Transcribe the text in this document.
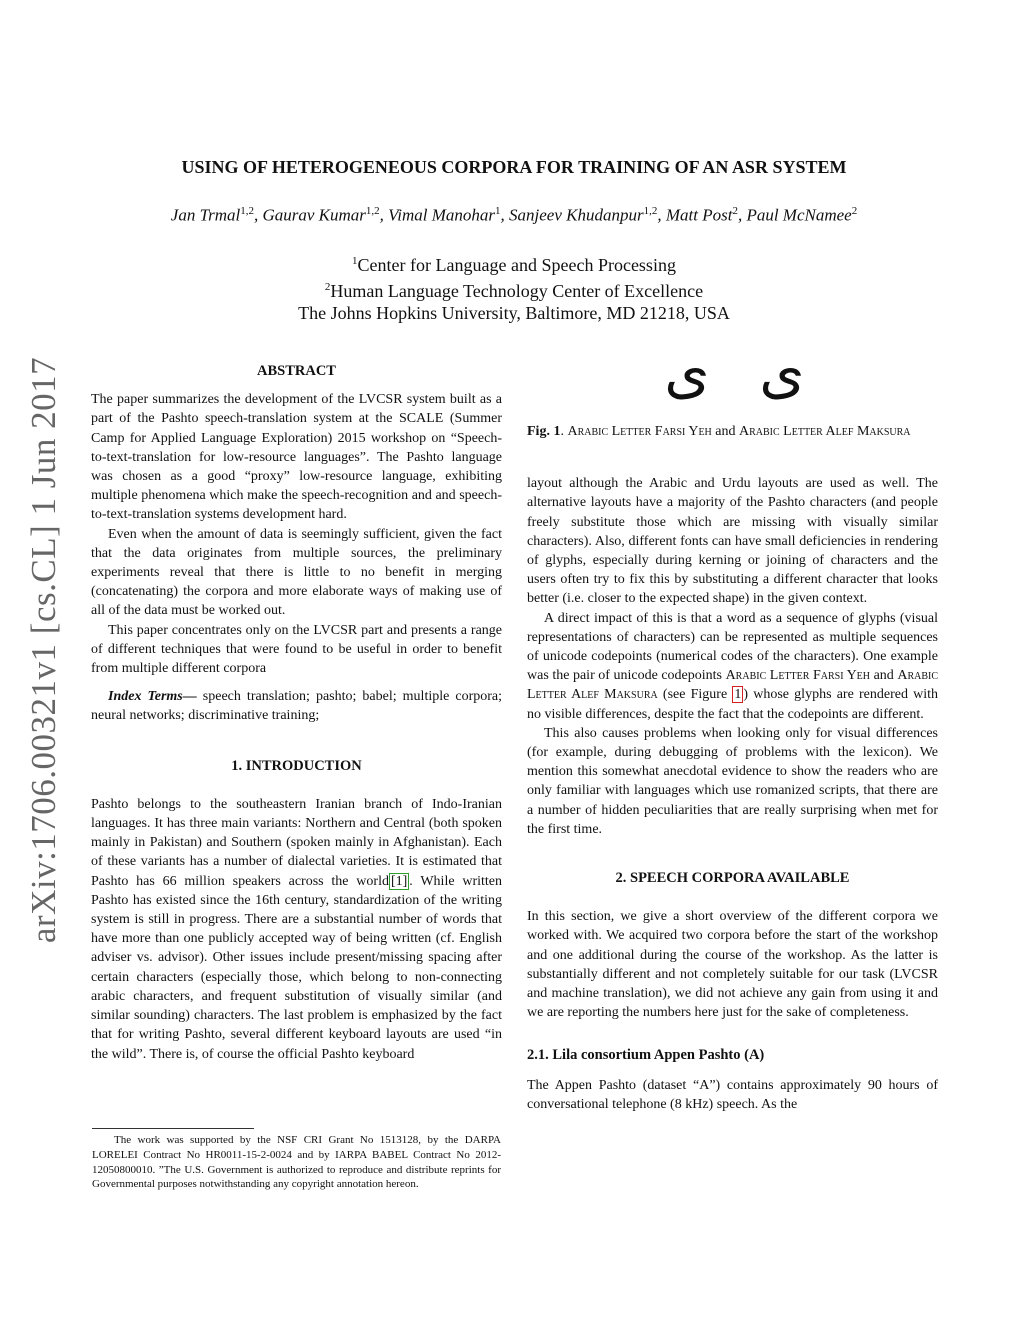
arXiv:1706.00321v1 [cs.CL] 1 Jun 2017
USING OF HETEROGENEOUS CORPORA FOR TRAINING OF AN ASR SYSTEM
Jan Trmal$^{1,2}$, Gaurav Kumar$^{1,2}$, Vimal Manohar$^1$, Sanjeev Khudanpur$^{1,2}$, Matt Post$^2$, Paul McNamee$^2$
$^1$Center for Language and Speech Processing
$^2$Human Language Technology Center of Excellence
The Johns Hopkins University, Baltimore, MD 21218, USA
ABSTRACT

The paper summarizes the development of the LVCSR system built as a part of the Pashto speech-translation system at the SCALE (Summer Camp for Applied Language Exploration) 2015 workshop on “Speech-to-text-translation for low-resource languages”. The Pashto language was chosen as a good “proxy” low-resource language, exhibiting multiple phenomena which make the speech-recognition and and speech-to-text-translation systems development hard.

Even when the amount of data is seemingly sufficient, given the fact that the data originates from multiple sources, the preliminary experiments reveal that there is little to no benefit in merging (concatenating) the corpora and more elaborate ways of making use of all of the data must be worked out.

This paper concentrates only on the LVCSR part and presents a range of different techniques that were found to be useful in order to benefit from multiple different corpora

Index Terms— speech translation; pashto; babel; multiple corpora; neural networks; discriminative training;

1. INTRODUCTION

Pashto belongs to the southeastern Iranian branch of Indo-Iranian languages. It has three main variants: Northern and Central (both spoken mainly in Pakistan) and Southern (spoken mainly in Afghanistan). Each of these variants has a number of dialectal varieties. It is estimated that Pashto has 66 million speakers across the world [1] . While written Pashto has existed since the 16th century, standardization of the writing system is still in progress. There are a substantial number of words that have more than one publicly accepted way of being written (cf. English adviser vs. advisor). Other issues include present/missing spacing after certain characters (especially those, which belong to non-connecting arabic characters, and frequent substitution of visually similar (and similar sounding) characters. The last problem is emphasized by the fact that for writing Pashto, several different keyboard layouts are used “in the wild”. There is, of course the official Pashto keyboard

The work was supported by the NSF CRI Grant No 1513128, by the DARPA LORELEI Contract No HR0011-15-2-0024 and by IARPA BABEL Contract No 2012-12050800010. ”The U.S. Government is authorized to reproduce and distribute reprints for Governmental purposes notwithstanding any copyright annotation hereon.

ى ی

Fig. 1. Arabic Letter Farsi Yeh and Arabic Letter Alef Maksura

layout although the Arabic and Urdu layouts are used as well. The alternative layouts have a majority of the Pashto characters (and people freely substitute those which are missing with visually similar characters). Also, different fonts can have small deficiencies in rendering of glyphs, especially during kerning or joining of characters and the users often try to fix this by substituting a different character that looks better (i.e. closer to the expected shape) in the given context.

A direct impact of this is that a word as a sequence of glyphs (visual representations of characters) can be represented as multiple sequences of unicode codepoints (numerical codes of the characters). One example was the pair of unicode codepoints Arabic Letter Farsi Yeh and Arabic Letter Alef Maksura (see Figure 1 ) whose glyphs are rendered with no visible differences, despite the fact that the codepoints are different.

This also causes problems when looking only for visual differences (for example, during debugging of problems with the lexicon). We mention this somewhat anecdotal evidence to show the readers who are only familiar with languages which use romanized scripts, that there are a number of hidden peculiarities that are really surprising when met for the first time.

2. SPEECH CORPORA AVAILABLE

In this section, we give a short overview of the different corpora we worked with. We acquired two corpora before the start of the workshop and one additional during the course of the workshop. As the latter is substantially different and not completely suitable for our task (LVCSR and machine translation), we did not achieve any gain from using it and we are reporting the numbers here just for the sake of completeness.

2.1. Lila consortium Appen Pashto (A)

The Appen Pashto (dataset “A”) contains approximately 90 hours of conversational telephone (8 kHz) speech. As the
